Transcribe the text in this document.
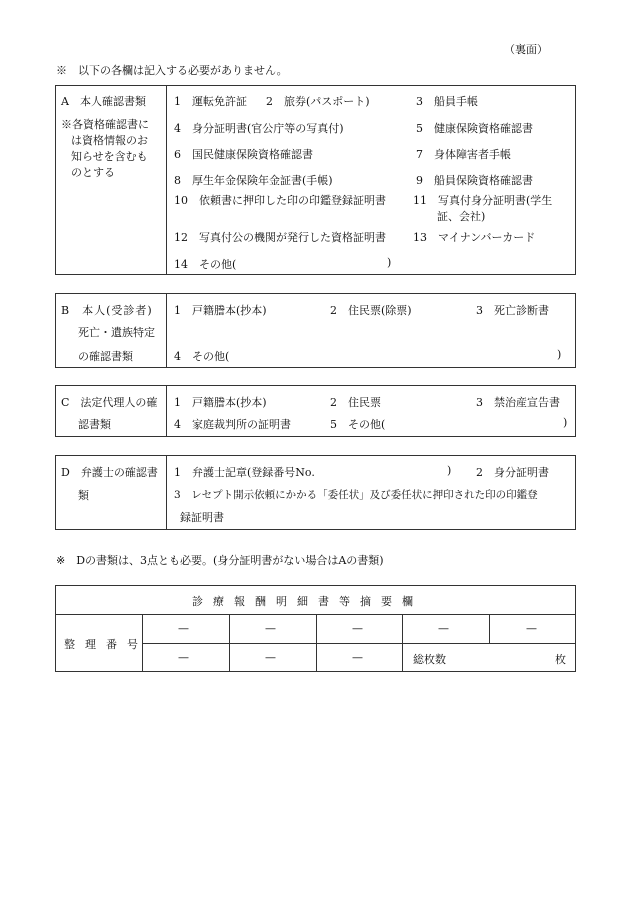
（裏面）
※　以下の各欄は記入する必要がありません。
A　本人確認書類
※各資格確認書に
は資格情報のお
知らせを含むも
のとする
1　運転免許証 2　旅券(パスポート)	3　船員手帳
4　身分証明書(官公庁等の写真付)	5　健康保険資格確認書
6　国民健康保険資格確認書	7　身体障害者手帳
8　厚生年金保険年金証書(手帳)	9　船員保険資格確認書
10　依頼書に押印した印の印鑑登録証明書 11　写真付身分証明書(学生
証、会社)
12　写真付公の機関が発行した資格証明書 13　マイナンバーカード
14　その他(	)
B　本人(受診者)
死亡・遺族特定
の確認書類
1　戸籍謄本(抄本)	2　住民票(除票)	3　死亡診断書
4　その他(	)
C　法定代理人の確
認書類
1　戸籍謄本(抄本)	2　住民票	3　禁治産宣告書
4　家庭裁判所の証明書	5　その他(	)
D　弁護士の確認書
類
1　弁護士記章(登録番号No.	) 2　身分証明書
3　レセプト開示依頼にかかる「委任状」及び委任状に押印された印の印鑑登
録証明書
※　Dの書類は、3点とも必要。(身分証明書がない場合はAの書類)
診療報酬明細書等摘要欄
整理番号
—	—	—	—	—
—	—	—	総枚数	枚
